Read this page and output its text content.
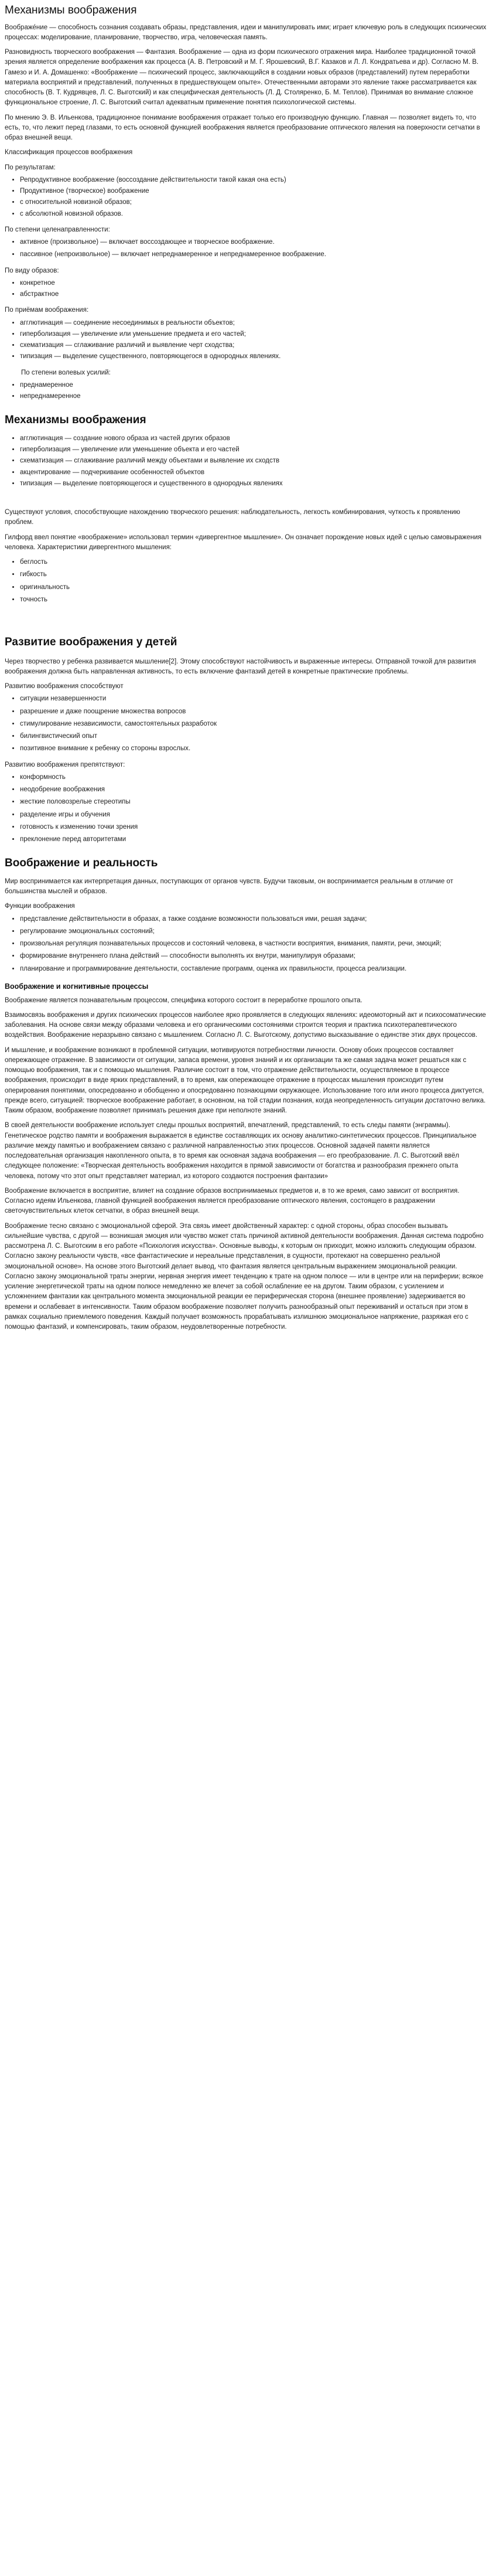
Механизмы воображения

Воображе́ние — способность сознания создавать образы, представления, идеи и манипулировать ими; играет ключевую роль в следующих психических процессах: моделирование, планирование, творчество, игра, человеческая память.

Разновидность творческого воображения — Фантазия. Воображение — одна из форм психического отражения мира. Наиболее традиционной точкой зрения является определение воображения как процесса (А. В. Петровский и М. Г. Ярошевский, В.Г. Казаков и Л. Л. Кондратьева и др). Согласно М. В. Гамезо и И. А. Домашенко: «Воображение — психический процесс, заключающийся в создании новых образов (представлений) путем переработки материала восприятий и представлений, полученных в предшествующем опыте». Отечественными авторами это явление также рассматривается как способность (В. Т. Кудрявцев, Л. С. Выготский) и как специфическая деятельность (Л. Д. Столяренко, Б. М. Теплов). Принимая во внимание сложное функциональное строение, Л. С. Выготский считал адекватным применение понятия психологической системы.

По мнению Э. В. Ильенкова, традиционное понимание воображения отражает только его производную функцию. Главная — позволяет видеть то, что есть, то, что лежит перед глазами, то есть основной функцией воображения является преобразование оптического явления на поверхности сетчатки в образ внешней вещи.

Классификация процессов воображения

По результатам:

• Репродуктивное воображение (воссоздание действительности такой какая она есть)
• Продуктивное (творческое) воображение
• с относительной новизной образов;
• с абсолютной новизной образов.

По степени целенаправленности:

• активное (произвольное) — включает воссоздающее и творческое воображение.
• пассивное (непроизвольное) — включает непреднамеренное и непреднамеренное воображение.

По виду образов:

• конкретное
• абстрактное

По приёмам воображения:

• агглютинация — соединение несоединимых в реальности объектов;
• гиперболизация — увеличение или уменьшение предмета и его частей;
• схематизация — сглаживание различий и выявление черт сходства;
• типизация — выделение существенного, повторяющегося в однородных явлениях.

По степени волевых усилий:

• преднамеренное
• непреднамеренное
Механизмы воображения
• агглютинация — создание нового образа из частей других образов
• гиперболизация — увеличение или уменьшение объекта и его частей
• схематизация — сглаживание различий между объектами и выявление их сходств
• акцентирование — подчеркивание особенностей объектов
• типизация — выделение повторяющегося и существенного в однородных явлениях

Существуют условия, способствующие нахождению творческого решения: наблюдательность, легкость комбинирования, чуткость к проявлению проблем.

Гилфорд ввел понятие «воображение» использовал термин «дивергентное мышление». Он означает порождение новых идей с целью самовыражения человека. Характеристики дивергентного мышления:

• беглость
• гибкость
• оригинальность
• точность
Развитие воображения у детей

Через творчество у ребенка развивается мышление[2]. Этому способствуют настойчивость и выраженные интересы. Отправной точкой для развития воображения должна быть направленная активность, то есть включение фантазий детей в конкретные практические проблемы.

Развитию воображения способствуют

• ситуации незавершенности
• разрешение и даже поощрение множества вопросов
• стимулирование независимости, самостоятельных разработок
• билингвистический опыт
• позитивное внимание к ребенку со стороны взрослых.

Развитию воображения препятствуют:

• конформность
• неодобрение воображения
• жесткие половозрелые стереотипы
• разделение игры и обучения
• готовность к изменению точки зрения
• преклонение перед авторитетами
Воображение и реальность

Мир воспринимается как интерпретация данных, поступающих от органов чувств. Будучи таковым, он воспринимается реальным в отличие от большинства мыслей и образов.

Функции воображения

• представление действительности в образах, а также создание возможности пользоваться ими, решая задачи;
• регулирование эмоциональных состояний;
• произвольная регуляция познавательных процессов и состояний человека, в частности восприятия, внимания, памяти, речи, эмоций;
• формирование внутреннего плана действий — способности выполнять их внутри, манипулируя образами;
• планирование и программирование деятельности, составление программ, оценка их правильности, процесса реализации.
Воображение и когнитивные процессы

Воображение является познавательным процессом, специфика которого состоит в переработке прошлого опыта.

Взаимосвязь воображения и других психических процессов наиболее ярко проявляется в следующих явлениях: идеомоторный акт и психосоматические заболевания. На основе связи между образами человека и его органическими состояниями строится теория и практика психотерапевтического воздействия. Воображение неразрывно связано с мышлением. Согласно Л. С. Выготскому, допустимо высказывание о единстве этих двух процессов.

И мышление, и воображение возникают в проблемной ситуации, мотивируются потребностями личности. Основу обоих процессов составляет опережающее отражение. В зависимости от ситуации, запаса времени, уровня знаний и их организации та же самая задача может решаться как с помощью воображения, так и с помощью мышления. Различие состоит в том, что отражение действительности, осуществляемое в процессе воображения, происходит в виде ярких представлений, в то время, как опережающее отражение в процессах мышления происходит путем оперирования понятиями, опосредованно и обобщенно и опосредованно познающими окружающее. Использование того или иного процесса диктуется, прежде всего, ситуацией: творческое воображение работает, в основном, на той стадии познания, когда неопределенность ситуации достаточно велика. Таким образом, воображение позволяет принимать решения даже при неполноте знаний.

В своей деятельности воображение использует следы прошлых восприятий, впечатлений, представлений, то есть следы памяти (энграммы). Генетическое родство памяти и воображения выражается в единстве составляющих их основу аналитико-синтетических процессов. Принципиальное различие между памятью и воображением связано с различной направленностью этих процессов. Основной задачей памяти является последовательная организация накопленного опыта, в то время как основная задача воображения — его преобразование. Л. С. Выготский ввёл следующее положение: «Творческая деятельность воображения находится в прямой зависимости от богатства и разнообразия прежнего опыта человека, потому что этот опыт представляет материал, из которого создаются построения фантазии»

Воображение включается в восприятие, влияет на создание образов воспринимаемых предметов и, в то же время, само зависит от восприятия. Согласно идеям Ильенкова, главной функцией воображения является преобразование оптического явления, состоящего в раздражении светочувствительных клеток сетчатки, в образ внешней вещи.

Воображение тесно связано с эмоциональной сферой. Эта связь имеет двойственный характер: с одной стороны, образ способен вызывать сильнейшие чувства, с другой — возникшая эмоция или чувство может стать причиной активной деятельности воображения. Данная система подробно рассмотрена Л. С. Выготским в его работе «Психология искусства». Основные выводы, к которым он приходит, можно изложить следующим образом. Согласно закону реальности чувств, «все фантастические и нереальные представления, в сущности, протекают на совершенно реальной эмоциональной основе». На основе этого Выготский делает вывод, что фантазия является центральным выражением эмоциональной реакции. Согласно закону эмоциональной траты энергии, нервная энергия имеет тенденцию к трате на одном полюсе — или в центре или на периферии; всякое усиление энергетической траты на одном полюсе немедленно же влечет за собой ослабление ее на другом. Таким образом, с усилением и усложнением фантазии как центрального момента эмоциональной реакции ее периферическая сторона (внешнее проявление) задерживается во времени и ослабевает в интенсивности. Таким образом воображение позволяет получить разнообразный опыт переживаний и остаться при этом в рамках социально приемлемого поведения. Каждый получает возможность прорабатывать излишнюю эмоциональное напряжение, разряжая его с помощью фантазий, и компенсировать, таким образом, неудовлетворенные потребности.
